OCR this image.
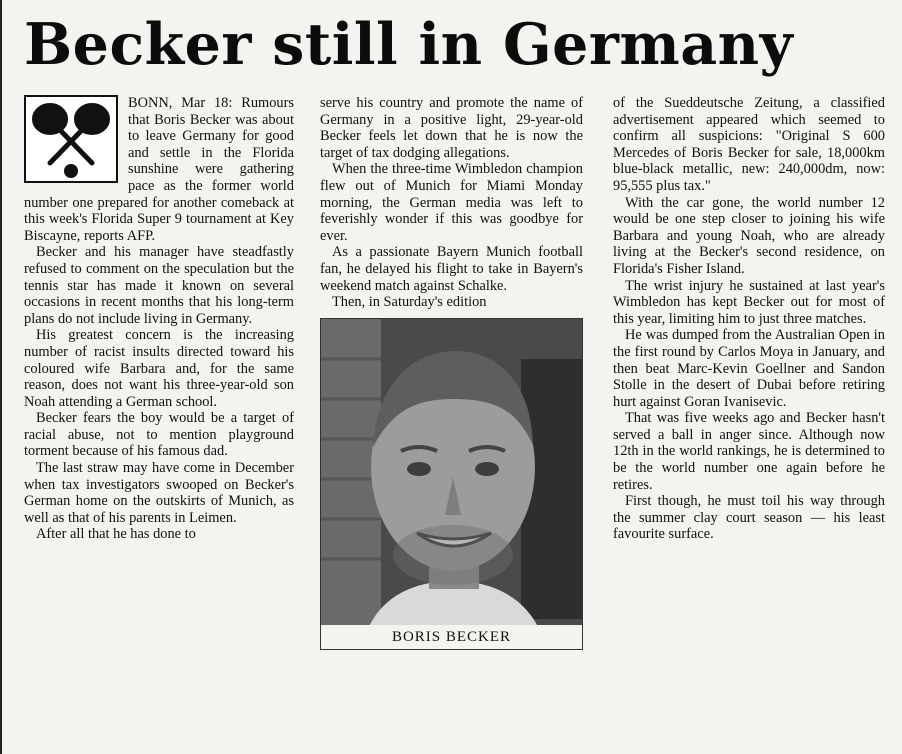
Becker still in Germany

BONN, Mar 18: Rumours that Boris Becker was about to leave Germany for good and settle in the Florida sunshine were gathering pace as the former world number one prepared for another comeback at this week's Florida Super 9 tournament at Key Biscayne, reports AFP.

Becker and his manager have steadfastly refused to comment on the speculation but the tennis star has made it known on several occasions in recent months that his long-term plans do not include living in Germany.

His greatest concern is the increasing number of racist insults directed toward his coloured wife Barbara and, for the same reason, does not want his three-year-old son Noah attending a German school.

Becker fears the boy would be a target of racial abuse, not to mention playground torment because of his famous dad.

The last straw may have come in December when tax investigators swooped on Becker's German home on the outskirts of Munich, as well as that of his parents in Leimen.

After all that he has done to

serve his country and promote the name of Germany in a positive light, 29-year-old Becker feels let down that he is now the target of tax dodging allegations.

When the three-time Wimbledon champion flew out of Munich for Miami Monday morning, the German media was left to feverishly wonder if this was goodbye for ever.

As a passionate Bayern Munich football fan, he delayed his flight to take in Bayern's weekend match against Schalke.

Then, in Saturday's edition

BORIS BECKER

of the Sueddeutsche Zeitung, a classified advertisement appeared which seemed to confirm all suspicions: "Original S 600 Mercedes of Boris Becker for sale, 18,000km blue-black metallic, new: 240,000dm, now: 95,555 plus tax."

With the car gone, the world number 12 would be one step closer to joining his wife Barbara and young Noah, who are already living at the Becker's second residence, on Florida's Fisher Island.

The wrist injury he sustained at last year's Wimbledon has kept Becker out for most of this year, limiting him to just three matches.

He was dumped from the Australian Open in the first round by Carlos Moya in January, and then beat Marc-Kevin Goellner and Sandon Stolle in the desert of Dubai before retiring hurt against Goran Ivanisevic.

That was five weeks ago and Becker hasn't served a ball in anger since. Although now 12th in the world rankings, he is determined to be the world number one again before he retires.

First though, he must toil his way through the summer clay court season — his least favourite surface.
